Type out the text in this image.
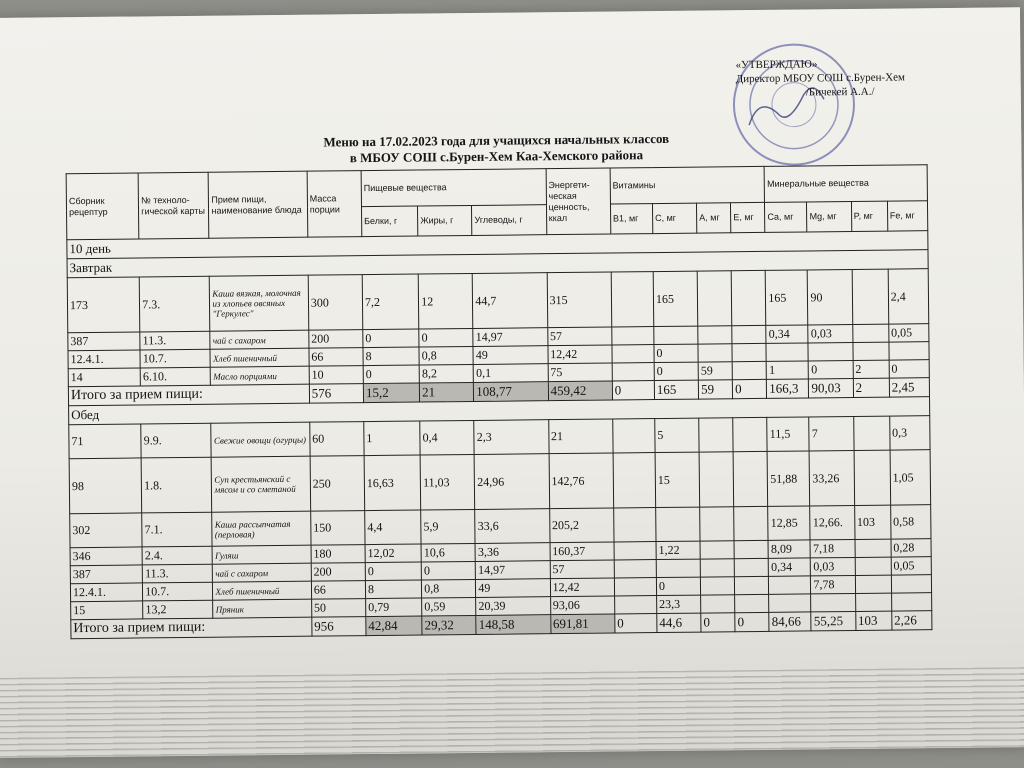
«УТВЕРЖДАЮ»
Директор МБОУ СОШ с.Бурен-Хем
/Бичекей А.А./
Меню на 17.02.2023 года для учащихся начальных классов
в МБОУ СОШ с.Бурен-Хем Каа-Хемского района
Сборник рецептур	№ техноло-гической карты	Прием пищи, наименование блюда	Масса порции	Пищевые вещества			Энергети-ческая ценность, ккал	Витамины				Минеральные вещества			
				Белки, г	Жиры, г	Углеводы, г		B1, мг	C, мг	A, мг	E, мг	Ca, мг	Mg, мг	P, мг	Fe, мг
10 день															
Завтрак															
173	7.3.	Каша вязкая, молочная из хлопьев овсяных "Геркулес"	300	7,2	12	44,7	315		165			165	90		2,4
387	11.3.	чай с сахаром	200	0	0	14,97	57					0,34	0,03		0,05
12.4.1.	10.7.	Хлеб пшеничный	66	8	0,8	49	12,42		0						
14	6.10.	Масло порциями	10	0	8,2	0,1	75		0	59		1	0	2	0
Итого за прием пищи:			576	15,2	21	108,77	459,42	0	165	59	0	166,3	90,03	2	2,45
Обед															
71	9.9.	Свежие овощи (огурцы)	60	1	0,4	2,3	21		5			11,5	7		0,3
98	1.8.	Суп крестьянский с мясом и со сметаной	250	16,63	11,03	24,96	142,76		15			51,88	33,26		1,05
302	7.1.	Каша рассыпчатая (перловая)	150	4,4	5,9	33,6	205,2					12,85	12,66.	103	0,58
346	2.4.	Гуляш	180	12,02	10,6	3,36	160,37		1,22			8,09	7,18		0,28
387	11.3.	чай с сахаром	200	0	0	14,97	57					0,34	0,03		0,05
12.4.1.	10.7.	Хлеб пшеничный	66	8	0,8	49	12,42		0				7,78		
15	13,2	Пряник	50	0,79	0,59	20,39	93,06		23,3						
Итого за прием пищи:			956	42,84	29,32	148,58	691,81	0	44,6	0	0	84,66	55,25	103	2,26
